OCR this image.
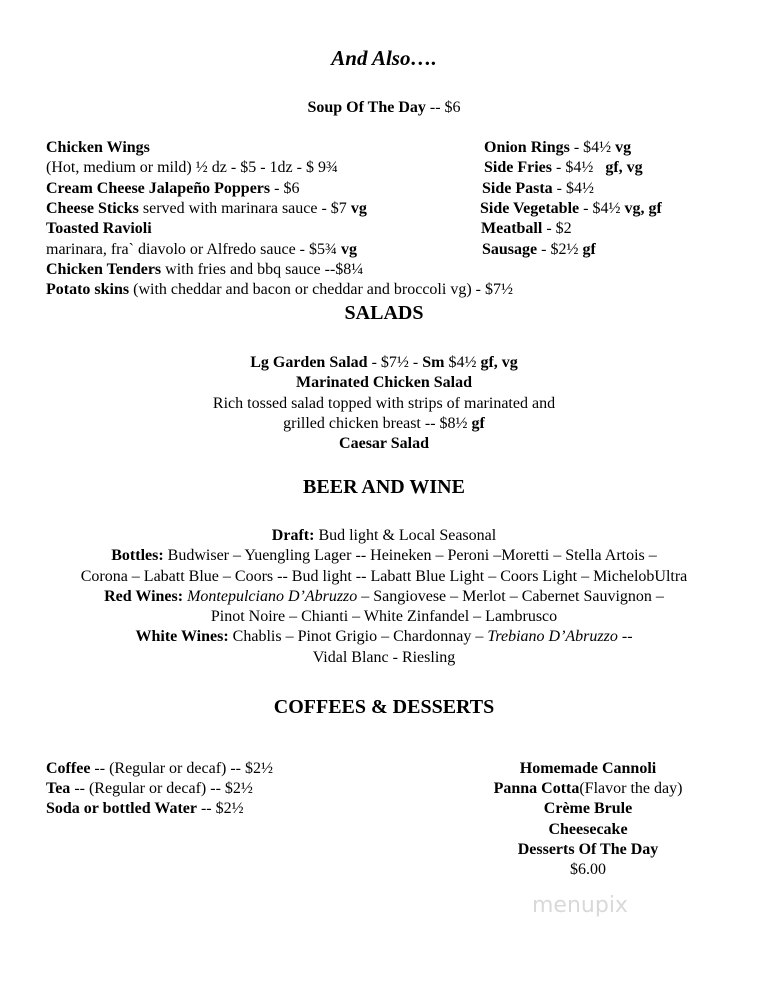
And Also….
Soup Of The Day -- $6
Chicken Wings
(Hot, medium or mild) ½ dz - $5 - 1dz - $ 9¾
Cream Cheese Jalapeño Poppers - $6
Cheese Sticks served with marinara sauce - $7 vg
Toasted Ravioli
marinara, fra` diavolo or Alfredo sauce - $5¾ vg
Chicken Tenders with fries and bbq sauce --$8¼
Potato skins (with cheddar and bacon or cheddar and broccoli vg) - $7½
Onion Rings - $4½ vg
Side Fries - $4½   gf, vg
Side Pasta - $4½
Side Vegetable - $4½ vg, gf
Meatball - $2
Sausage - $2½ gf
SALADS
Lg Garden Salad - $7½ - Sm $4½ gf, vg
Marinated Chicken Salad
Rich tossed salad topped with strips of marinated and
grilled chicken breast -- $8½ gf
Caesar Salad
BEER AND WINE
Draft: Bud light & Local Seasonal
Bottles: Budwiser – Yuengling Lager -- Heineken – Peroni –Moretti – Stella Artois –
Corona – Labatt Blue – Coors -- Bud light -- Labatt Blue Light – Coors Light – MichelobUltra
Red Wines: Montepulciano D’Abruzzo – Sangiovese – Merlot – Cabernet Sauvignon –
Pinot Noire – Chianti – White Zinfandel – Lambrusco
White Wines: Chablis – Pinot Grigio – Chardonnay – Trebiano D’Abruzzo --
Vidal Blanc - Riesling
COFFEES & DESSERTS
Coffee -- (Regular or decaf) -- $2½
Tea -- (Regular or decaf) -- $2½
Soda or bottled Water -- $2½
Homemade Cannoli
Panna Cotta(Flavor the day)
Crème Brule
Cheesecake
Desserts Of The Day
$6.00
menupix
